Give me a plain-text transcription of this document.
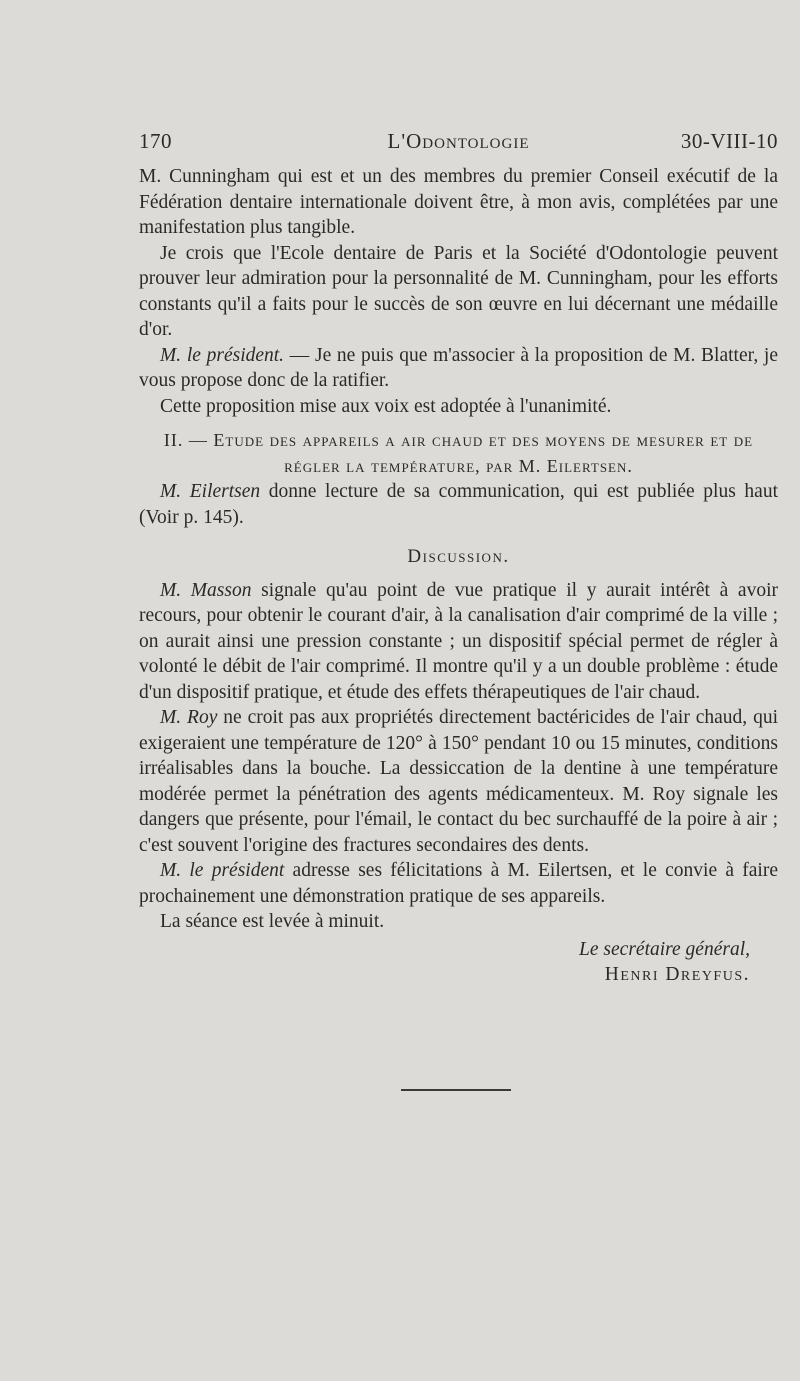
170	L'Odontologie	30-VIII-10

M. Cunningham qui est et un des membres du premier Conseil exécutif de la Fédération dentaire internationale doivent être, à mon avis, complétées par une manifestation plus tangible.

Je crois que l'Ecole dentaire de Paris et la Société d'Odontologie peuvent prouver leur admiration pour la personnalité de M. Cunningham, pour les efforts constants qu'il a faits pour le succès de son œuvre en lui décernant une médaille d'or.

M. le président. — Je ne puis que m'associer à la proposition de M. Blatter, je vous propose donc de la ratifier.

Cette proposition mise aux voix est adoptée à l'unanimité.

II. — Etude des appareils a air chaud et des moyens de mesurer et de régler la température, par M. Eilertsen.

M. Eilertsen donne lecture de sa communication, qui est publiée plus haut (Voir p. 145).

Discussion.

M. Masson signale qu'au point de vue pratique il y aurait intérêt à avoir recours, pour obtenir le courant d'air, à la canalisation d'air comprimé de la ville ; on aurait ainsi une pression constante ; un dispositif spécial permet de régler à volonté le débit de l'air comprimé. Il montre qu'il y a un double problème : étude d'un dispositif pratique, et étude des effets thérapeutiques de l'air chaud.

M. Roy ne croit pas aux propriétés directement bactéricides de l'air chaud, qui exigeraient une température de 120° à 150° pendant 10 ou 15 minutes, conditions irréalisables dans la bouche. La dessiccation de la dentine à une température modérée permet la pénétration des agents médicamenteux. M. Roy signale les dangers que présente, pour l'émail, le contact du bec surchauffé de la poire à air ; c'est souvent l'origine des fractures secondaires des dents.

M. le président adresse ses félicitations à M. Eilertsen, et le convie à faire prochainement une démonstration pratique de ses appareils.

La séance est levée à minuit.

Le secrétaire général,
Henri Dreyfus.
